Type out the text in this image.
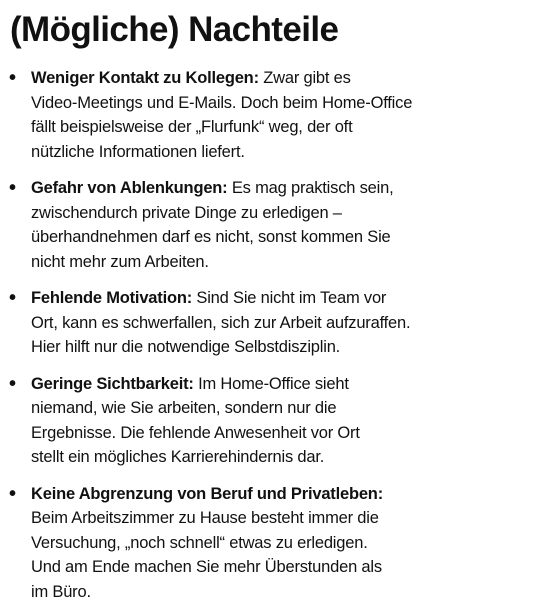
(Mögliche) Nachteile
• Weniger Kontakt zu Kollegen: Zwar gibt es
Video-Meetings und E-Mails. Doch beim Home-Office
fällt beispielsweise der „Flurfunk“ weg, der oft
nützliche Informationen liefert.
• Gefahr von Ablenkungen: Es mag praktisch sein,
zwischendurch private Dinge zu erledigen –
überhandnehmen darf es nicht, sonst kommen Sie
nicht mehr zum Arbeiten.
• Fehlende Motivation: Sind Sie nicht im Team vor
Ort, kann es schwerfallen, sich zur Arbeit aufzuraffen.
Hier hilft nur die notwendige Selbstdisziplin.
• Geringe Sichtbarkeit: Im Home-Office sieht
niemand, wie Sie arbeiten, sondern nur die
Ergebnisse. Die fehlende Anwesenheit vor Ort
stellt ein mögliches Karrierehindernis dar.
• Keine Abgrenzung von Beruf und Privatleben:
Beim Arbeitszimmer zu Hause besteht immer die
Versuchung, „noch schnell“ etwas zu erledigen.
Und am Ende machen Sie mehr Überstunden als
im Büro.
